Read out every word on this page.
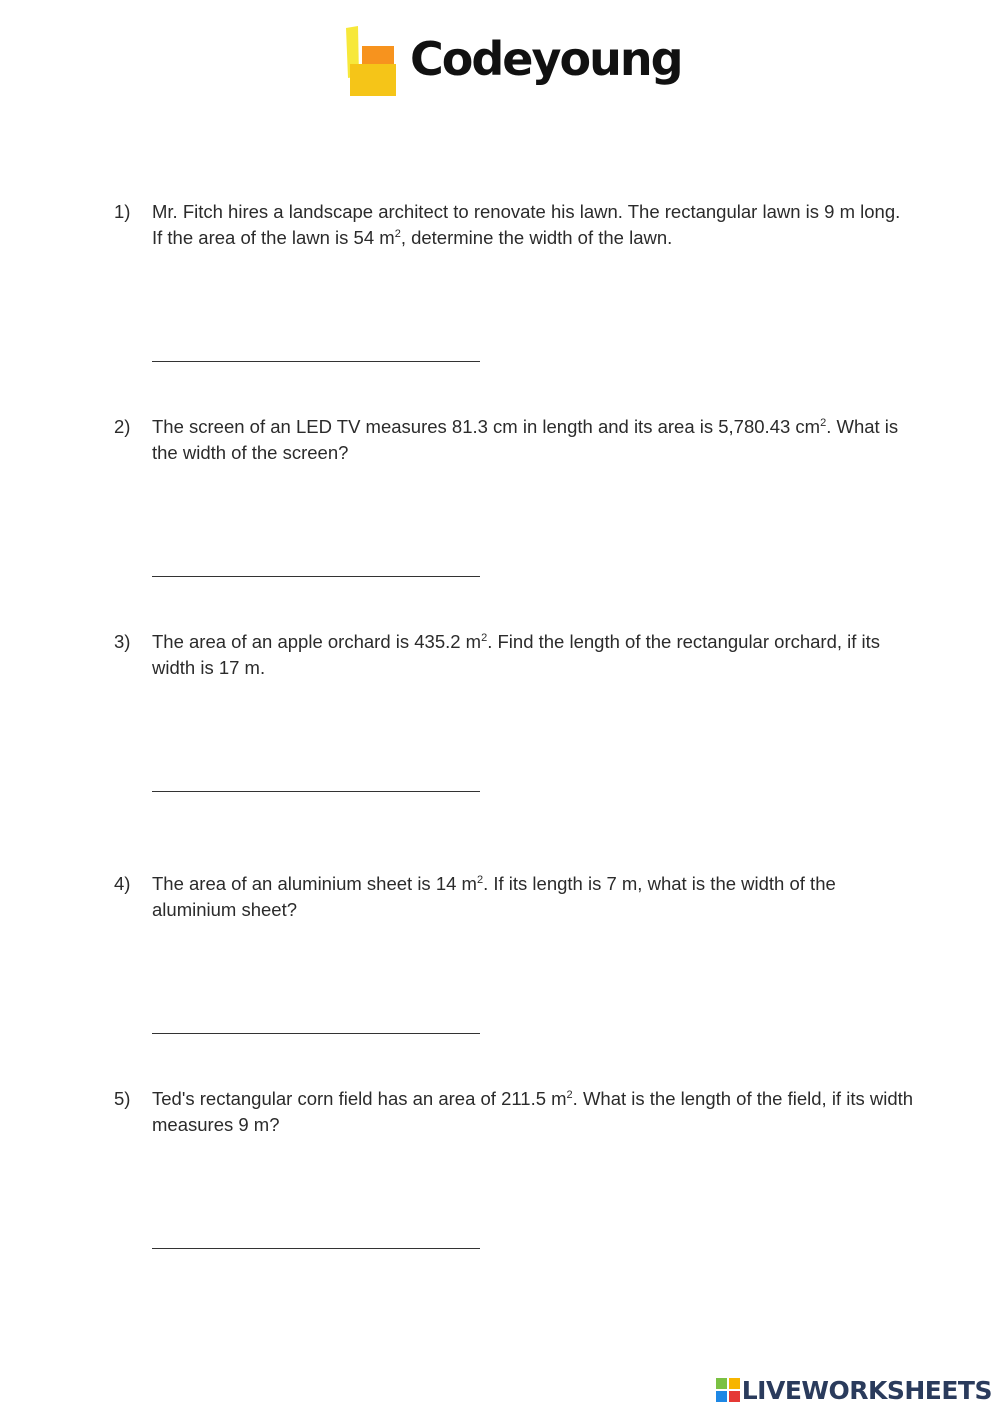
Codeyoung
1)	Mr. Fitch hires a landscape architect to renovate his lawn. The rectangular lawn is 9 m long. If the area of the lawn is 54 $m^2$, determine the width of the lawn.
2)	The screen of an LED TV measures 81.3 cm in length and its area is 5,780.43 $cm^2$. What is the width of the screen?
3)	The area of an apple orchard is 435.2 $m^2$. Find the length of the rectangular orchard, if its width is 17 m.
4)	The area of an aluminium sheet is 14 $m^2$. If its length is 7 m, what is the width of the aluminium sheet?
5)	Ted's rectangular corn field has an area of 211.5 $m^2$. What is the length of the field, if its width measures 9 m?
LIVEWORKSHEETS
